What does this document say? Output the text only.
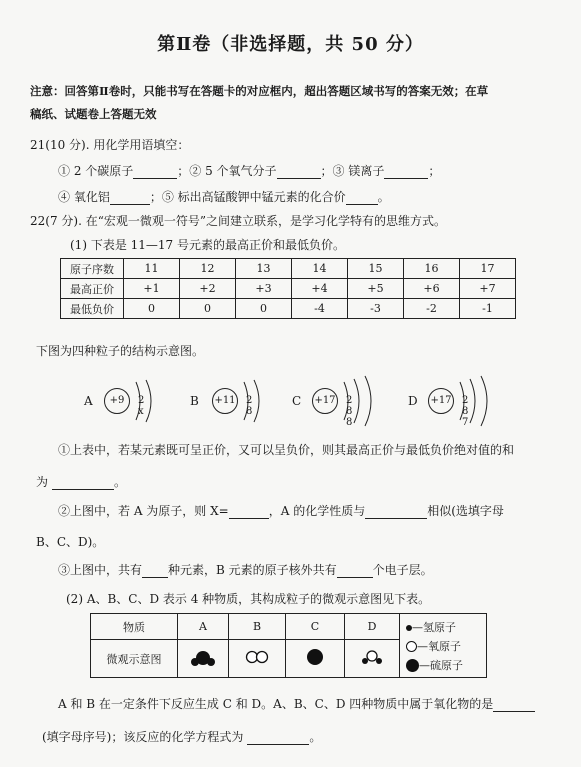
第Ⅱ卷（非选择题，共 50 分）
注意：回答第Ⅱ卷时，只能书写在答题卡的对应框内，超出答题区域书写的答案无效；在草
稿纸、试题卷上答题无效
21(10 分). 用化学用语填空：
① 2 个碳原子	；② 5 个氧气分子	；③ 镁离子	；
④ 氧化铝	；⑤ 标出高锰酸钾中锰元素的化合价	。
22(7 分). 在“宏观一微观一符号”之间建立联系，是学习化学特有的思维方式。
(1) 下表是 11—17 号元素的最高正价和最低负价。
原子序数	11	12	13	14	15	16	17
最高正价	+1	+2	+3	+4	+5	+6	+7
最低负价	0	0	0	-4	-3	-2	-1
下图为四种粒子的结构示意图。
A	+9	2 x
B +11 2 8
C +17 2 8 8
D +17 2 8 7
①上表中，若某元素既可呈正价，又可以呈负价，则其最高正价与最低负价绝对值的和
为	。
②上图中，若 A 为原子，则 X=	，A 的化学性质与	相似(选填字母
B、C、D)。
③上图中，共有 种元素，B 元素的原子核外共有	个电子层。
(2) A、B、C、D 表示 4 种物质，其构成粒子的微观示意图见下表。
物质	A	B	C	D	—氢原子
—氧原子
—硫原子

微观示意图				
A 和 B 在一定条件下反应生成 C 和 D。A、B、C、D 四种物质中属于氧化物的是
(填字母序号)；该反应的化学方程式为	。
